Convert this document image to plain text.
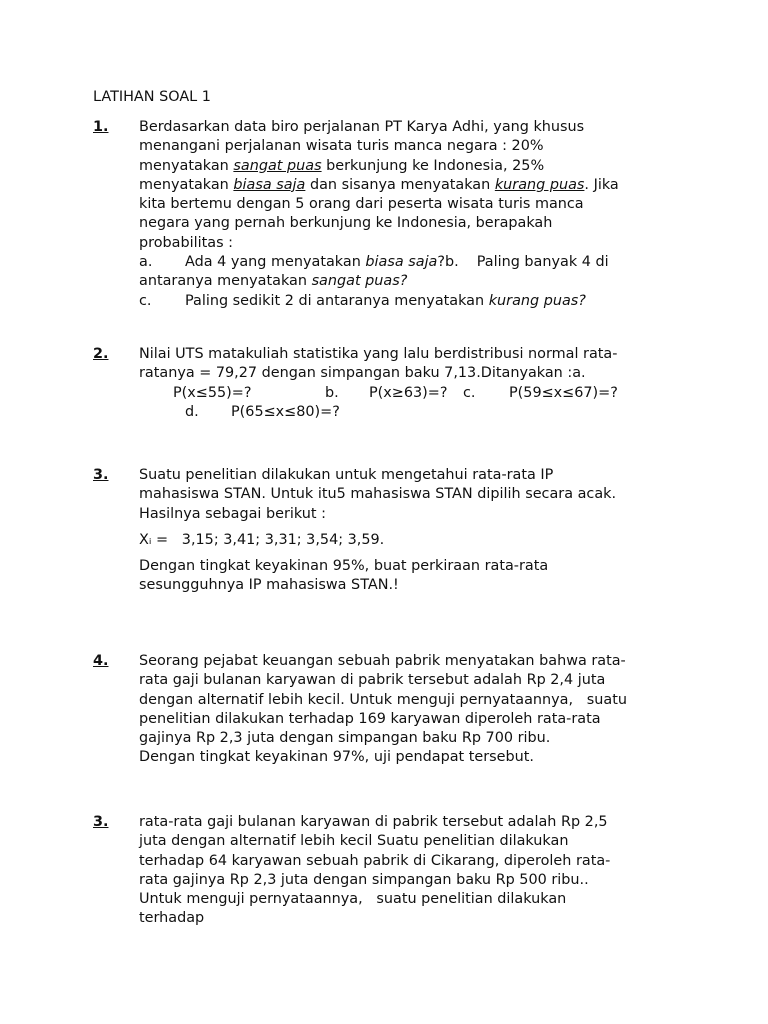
LATIHAN SOAL 1
1. Berdasarkan data biro perjalanan PT Karya Adhi, yang khusus
menangani perjalanan wisata turis manca negara : 20%
menyatakan sangat puas berkunjung ke Indonesia, 25%
menyatakan biasa saja dan sisanya menyatakan kurang puas. Jika
kita bertemu dengan 5 orang dari peserta wisata turis manca
negara yang pernah berkunjung ke Indonesia, berapakah
probabilitas :
a. Ada 4 yang menyatakan biasa saja?b. Paling banyak 4 di
antaranya menyatakan sangat puas?
c. Paling sedikit 2 di antaranya menyatakan kurang puas?
2. Nilai UTS matakuliah statistika yang lalu berdistribusi normal rata-
ratanya = 79,27 dengan simpangan baku 7,13.Ditanyakan :a.
P(x≤55)=?	b. P(x≥63)=? c. P(59≤x≤67)=?
d. P(65≤x≤80)=?
3. Suatu penelitian dilakukan untuk mengetahui rata-rata IP
mahasiswa STAN. Untuk itu5 mahasiswa STAN dipilih secara acak.
Hasilnya sebagai berikut :
Xᵢ =   3,15; 3,41; 3,31; 3,54; 3,59.
Dengan tingkat keyakinan 95%, buat perkiraan rata-rata
sesungguhnya IP mahasiswa STAN.!
4. Seorang pejabat keuangan sebuah pabrik menyatakan bahwa rata-
rata gaji bulanan karyawan di pabrik tersebut adalah Rp 2,4 juta
dengan alternatif lebih kecil. Untuk menguji pernyataannya,   suatu
penelitian dilakukan terhadap 169 karyawan diperoleh rata-rata
gajinya Rp 2,3 juta dengan simpangan baku Rp 700 ribu.
Dengan tingkat keyakinan 97%, uji pendapat tersebut.
3. rata-rata gaji bulanan karyawan di pabrik tersebut adalah Rp 2,5
juta dengan alternatif lebih kecil Suatu penelitian dilakukan
terhadap 64 karyawan sebuah pabrik di Cikarang, diperoleh rata-
rata gajinya Rp 2,3 juta dengan simpangan baku Rp 500 ribu..
Untuk menguji pernyataannya,   suatu penelitian dilakukan
terhadap
